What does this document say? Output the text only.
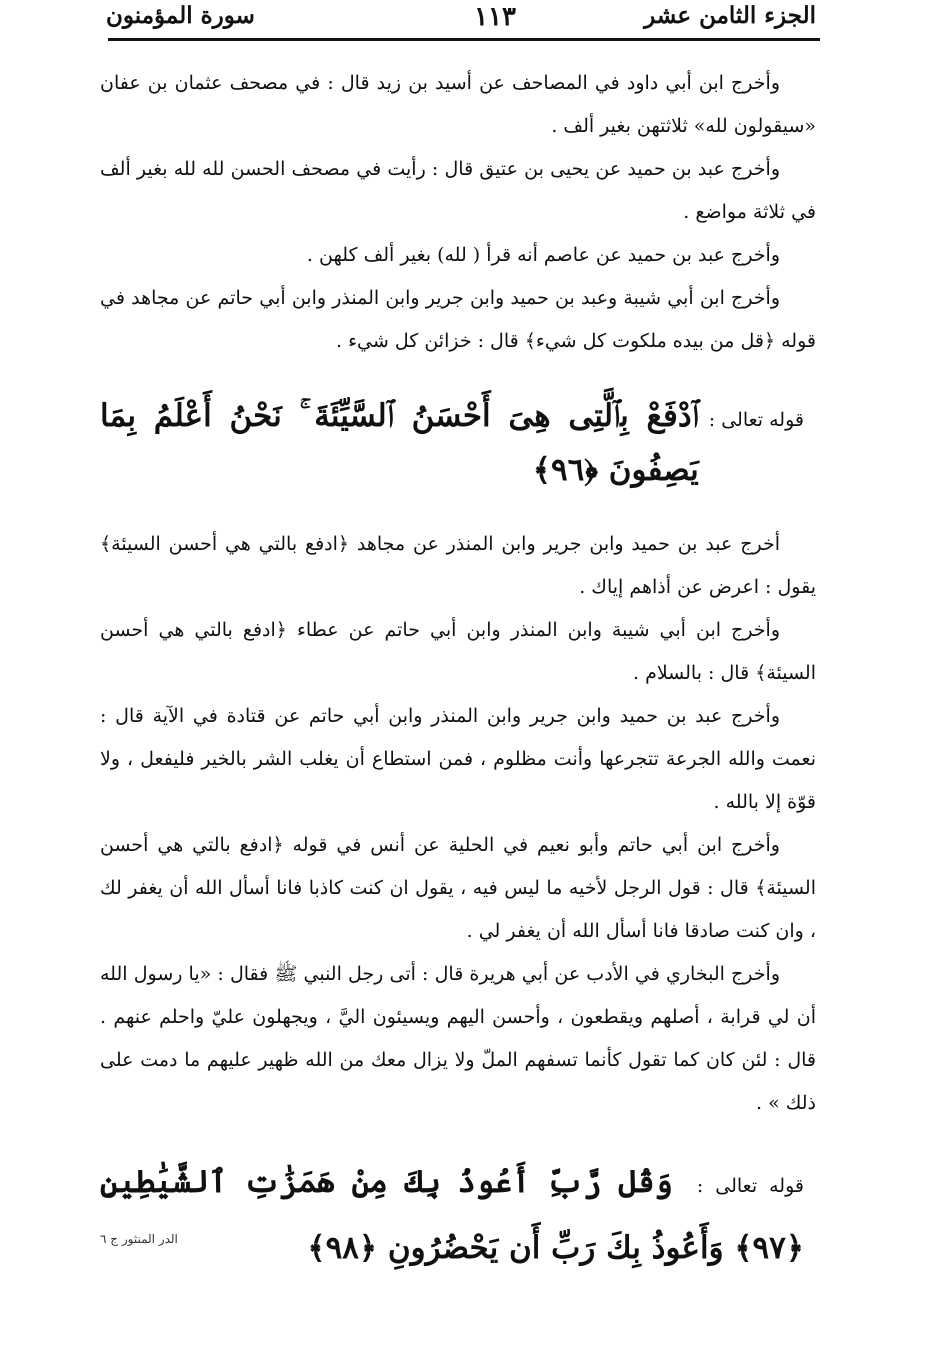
الجزء الثامن عشر
١١٣
سورة المؤمنون

وأخرج ابن أبي داود في المصاحف عن أسيد بن زيد قال : في مصحف عثمان بن عفان «سيقولون لله» ثلاثتهن بغير ألف .

وأخرج عبد بن حميد عن يحيى بن عتيق قال : رأيت في مصحف الحسن لله لله بغير ألف في ثلاثة مواضع .

وأخرج عبد بن حميد عن عاصم أنه قرأ ( لله) بغير ألف كلهن .

وأخرج ابن أبي شيبة وعبد بن حميد وابن جرير وابن المنذر وابن أبي حاتم عن مجاهد في قوله ﴿قل من بيده ملكوت كل شيء﴾ قال : خزائن كل شيء .

قوله تعالى :
ٱدْفَعْ بِٱلَّتِى هِىَ أَحْسَنُ ٱلسَّيِّئَةَ ۚ نَحْنُ أَعْلَمُ بِمَا يَصِفُونَ ﴿٩٦﴾

أخرج عبد بن حميد وابن جرير وابن المنذر عن مجاهد ﴿ادفع بالتي هي أحسن السيئة﴾ يقول : اعرض عن أذاهم إياك .

وأخرج ابن أبي شيبة وابن المنذر وابن أبي حاتم عن عطاء ﴿ادفع بالتي هي أحسن السيئة﴾ قال : بالسلام .

وأخرج عبد بن حميد وابن جرير وابن المنذر وابن أبي حاتم عن قتادة في الآية قال : نعمت والله الجرعة تتجرعها وأنت مظلوم ، فمن استطاع أن يغلب الشر بالخير فليفعل ، ولا قوّة إلا بالله .

وأخرج ابن أبي حاتم وأبو نعيم في الحلية عن أنس في قوله ﴿ادفع بالتي هي أحسن السيئة﴾ قال : قول الرجل لأخيه ما ليس فيه ، يقول ان كنت كاذبا فانا أسأل الله أن يغفر لك ، وان كنت صادقا فانا أسأل الله أن يغفر لي .

وأخرج البخاري في الأدب عن أبي هريرة قال : أتى رجل النبي ﷺ فقال : «يا رسول الله أن لي قرابة ، أصلهم ويقطعون ، وأحسن اليهم ويسيئون اليَّ ، ويجهلون عليّ واحلم عنهم . قال : لئن كان كما تقول كأنما تسفهم الملّ ولا يزال معك من الله ظهير عليهم ما دمت على ذلك » .

قوله تعالى : وَقُل رَّبِّ أَعُوذُ بِكَ مِنْ هَمَزَٰتِ ٱلشَّيَٰطِينِ ﴿٩٧﴾ وَأَعُوذُ بِكَ رَبِّ أَن يَحْضُرُونِ ﴿٩٨﴾
الدر المنثور ج ٦
